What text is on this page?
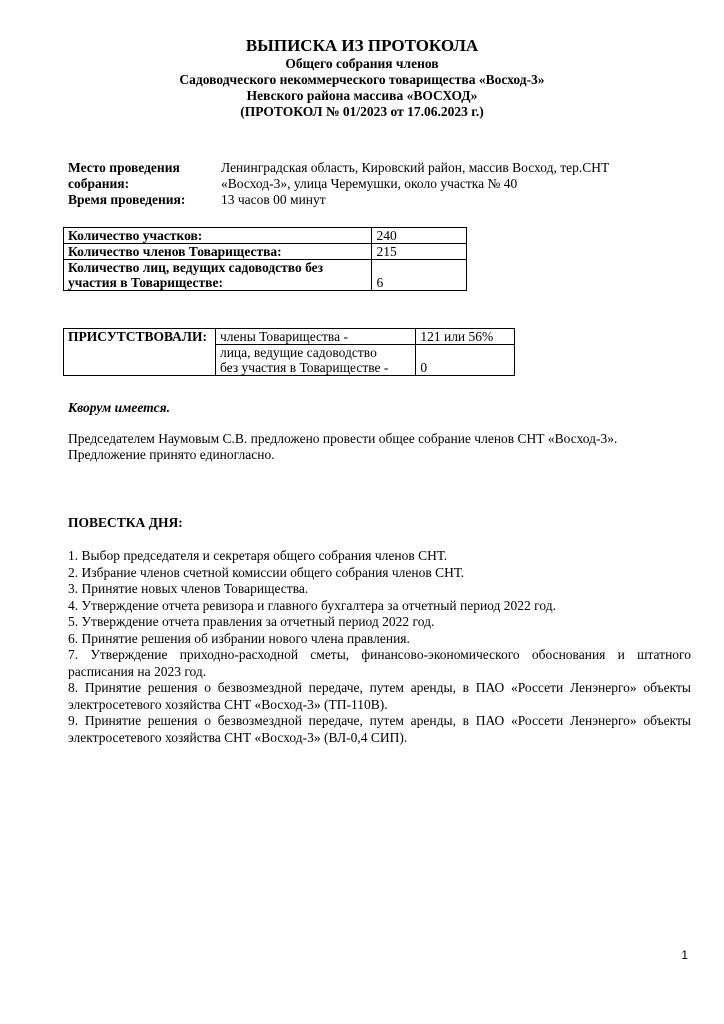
ВЫПИСКА ИЗ ПРОТОКОЛА

Общего собрания членов

Садоводческого некоммерческого товарищества «Восход-3»

Невского района массива «ВОСХОД»

(ПРОТОКОЛ № 01/2023 от 17.06.2023 г.)

Место проведения	Ленинградская область, Кировский район, массив Восход, тер.СНТ
собрания:	«Восход-3», улица Черемушки, около участка № 40
Время проведения:	13 часов 00 минут
Количество участков:	240
Количество членов Товарищества:	215

Количество лиц, ведущих садоводство без
участия в Товариществе:	6
ПРИСУТСТВОВАЛИ:	члены Товарищества -	121 или 56%

	лица, ведущие садоводство
без участия в Товариществе -	0
Кворум имеется.
Председателем Наумовым С.В. предложено провести общее собрание членов СНТ «Восход-3».
Предложение принято единогласно.
ПОВЕСТКА ДНЯ:
1. Выбор председателя и секретаря общего собрания членов СНТ.
2. Избрание членов счетной комиссии общего собрания членов СНТ.
3. Принятие новых членов Товарищества.
4. Утверждение отчета ревизора и главного бухгалтера за отчетный период 2022 год.
5. Утверждение отчета правления за отчетный период 2022 год.
6. Принятие решения об избрании нового члена правления.
7. Утверждение приходно-расходной сметы, финансово-экономического обоснования и штатного расписания на 2023 год.
8. Принятие решения о безвозмездной передаче, путем аренды, в ПАО «Россети Ленэнерго» объекты электросетевого хозяйства СНТ «Восход-3» (ТП-110В).
9. Принятие решения о безвозмездной передаче, путем аренды, в ПАО «Россети Ленэнерго» объекты электросетевого хозяйства СНТ «Восход-3» (ВЛ-0,4 СИП).
1
